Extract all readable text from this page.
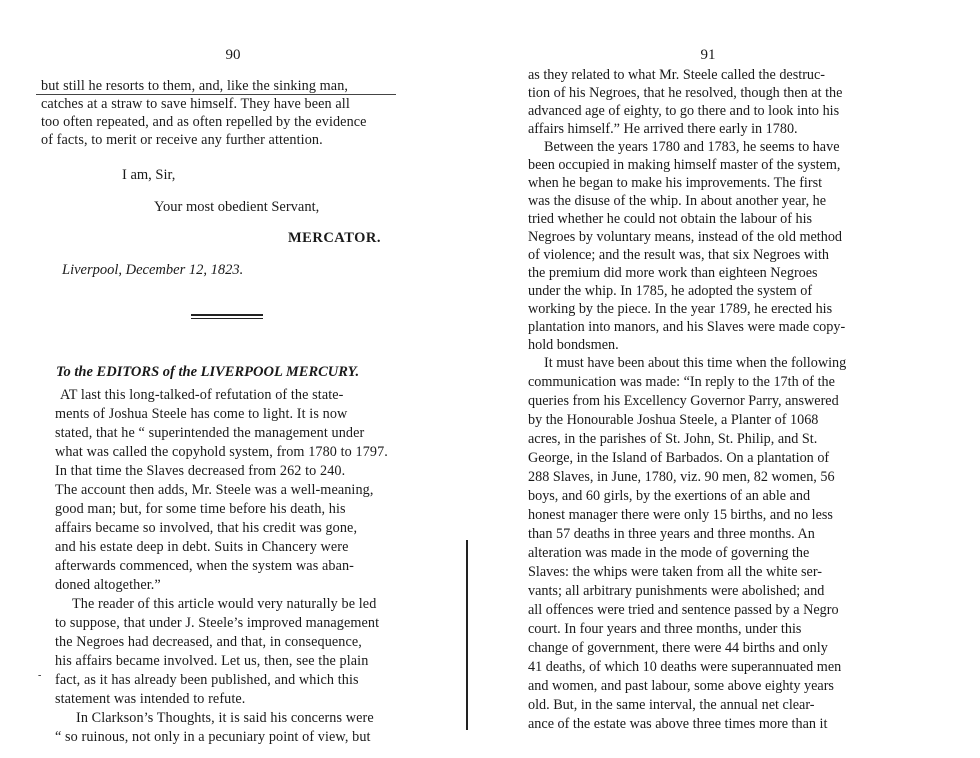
90
but still he resorts to them, and, like the sinking man,
catches at a straw to save himself. They have been all
too often repeated, and as often repelled by the evidence
of facts, to merit or receive any further attention.
I am, Sir,
Your most obedient Servant,
MERCATOR.
Liverpool, December 12, 1823.
To the EDITORS of the LIVERPOOL MERCURY.
AT last this long-talked-of refutation of the state-
ments of Joshua Steele has come to light. It is now
stated, that he “ superintended the management under
what was called the copyhold system, from 1780 to 1797.
In that time the Slaves decreased from 262 to 240.
The account then adds, Mr. Steele was a well-meaning,
good man; but, for some time before his death, his
affairs became so involved, that his credit was gone,
and his estate deep in debt. Suits in Chancery were
afterwards commenced, when the system was aban-
doned altogether.”
The reader of this article would very naturally be led
to suppose, that under J. Steele’s improved management
the Negroes had decreased, and that, in consequence,
his affairs became involved. Let us, then, see the plain
fact, as it has already been published, and which this
statement was intended to refute.
In Clarkson’s Thoughts, it is said his concerns were
“ so ruinous, not only in a pecuniary point of view, but
-
91
as they related to what Mr. Steele called the destruc-
tion of his Negroes, that he resolved, though then at the
advanced age of eighty, to go there and to look into his
affairs himself.” He arrived there early in 1780.
Between the years 1780 and 1783, he seems to have
been occupied in making himself master of the system,
when he began to make his improvements. The first
was the disuse of the whip. In about another year, he
tried whether he could not obtain the labour of his
Negroes by voluntary means, instead of the old method
of violence; and the result was, that six Negroes with
the premium did more work than eighteen Negroes
under the whip. In 1785, he adopted the system of
working by the piece. In the year 1789, he erected his
plantation into manors, and his Slaves were made copy-
hold bondsmen.
It must have been about this time when the following
communication was made: “In reply to the 17th of the
queries from his Excellency Governor Parry, answered
by the Honourable Joshua Steele, a Planter of 1068
acres, in the parishes of St. John, St. Philip, and St.
George, in the Island of Barbados. On a plantation of
288 Slaves, in June, 1780, viz. 90 men, 82 women, 56
boys, and 60 girls, by the exertions of an able and
honest manager there were only 15 births, and no less
than 57 deaths in three years and three months. An
alteration was made in the mode of governing the
Slaves: the whips were taken from all the white ser-
vants; all arbitrary punishments were abolished; and
all offences were tried and sentence passed by a Negro
court. In four years and three months, under this
change of government, there were 44 births and only
41 deaths, of which 10 deaths were superannuated men
and women, and past labour, some above eighty years
old. But, in the same interval, the annual net clear-
ance of the estate was above three times more than it
